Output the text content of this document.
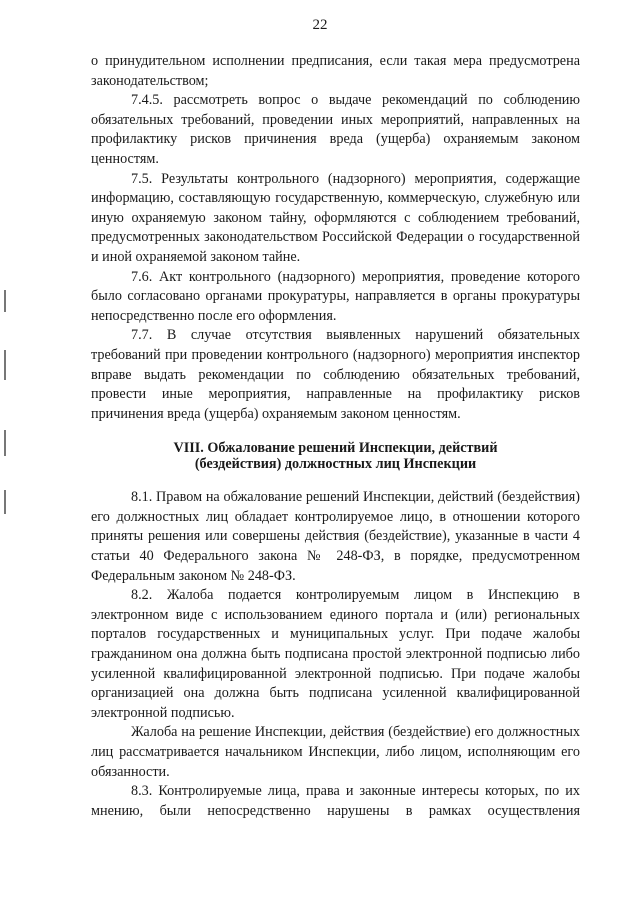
22

о принудительном исполнении предписания, если такая мера предусмотрена законодательством;

7.4.5. рассмотреть вопрос о выдаче рекомендаций по соблюдению обязательных требований, проведении иных мероприятий, направленных на профилактику рисков причинения вреда (ущерба) охраняемым законом ценностям.

7.5. Результаты контрольного (надзорного) мероприятия, содержащие информацию, составляющую государственную, коммерческую, служебную или иную охраняемую законом тайну, оформляются с соблюдением требований, предусмотренных законодательством Российской Федерации о государственной и иной охраняемой законом тайне.

7.6. Акт контрольного (надзорного) мероприятия, проведение которого было согласовано органами прокуратуры, направляется в органы прокуратуры непосредственно после его оформления.

7.7. В случае отсутствия выявленных нарушений обязательных требований при проведении контрольного (надзорного) мероприятия инспектор вправе выдать рекомендации по соблюдению обязательных требований, провести иные мероприятия, направленные на профилактику рисков причинения вреда (ущерба) охраняемым законом ценностям.

VIII. Обжалование решений Инспекции, действий
(бездействия) должностных лиц Инспекции

8.1. Правом на обжалование решений Инспекции, действий (бездействия) его должностных лиц обладает контролируемое лицо, в отношении которого приняты решения или совершены действия (бездействие), указанные в части 4 статьи 40 Федерального закона № 248-ФЗ, в порядке, предусмотренном Федеральным законом № 248-ФЗ.

8.2. Жалоба подается контролируемым лицом в Инспекцию в электронном виде с использованием единого портала и (или) региональных порталов государственных и муниципальных услуг. При подаче жалобы гражданином она должна быть подписана простой электронной подписью либо усиленной квалифицированной электронной подписью. При подаче жалобы организацией она должна быть подписана усиленной квалифицированной электронной подписью.

Жалоба на решение Инспекции, действия (бездействие) его должностных лиц рассматривается начальником Инспекции, либо лицом, исполняющим его обязанности.

8.3. Контролируемые лица, права и законные интересы которых, по их мнению, были непосредственно нарушены в рамках осуществления
